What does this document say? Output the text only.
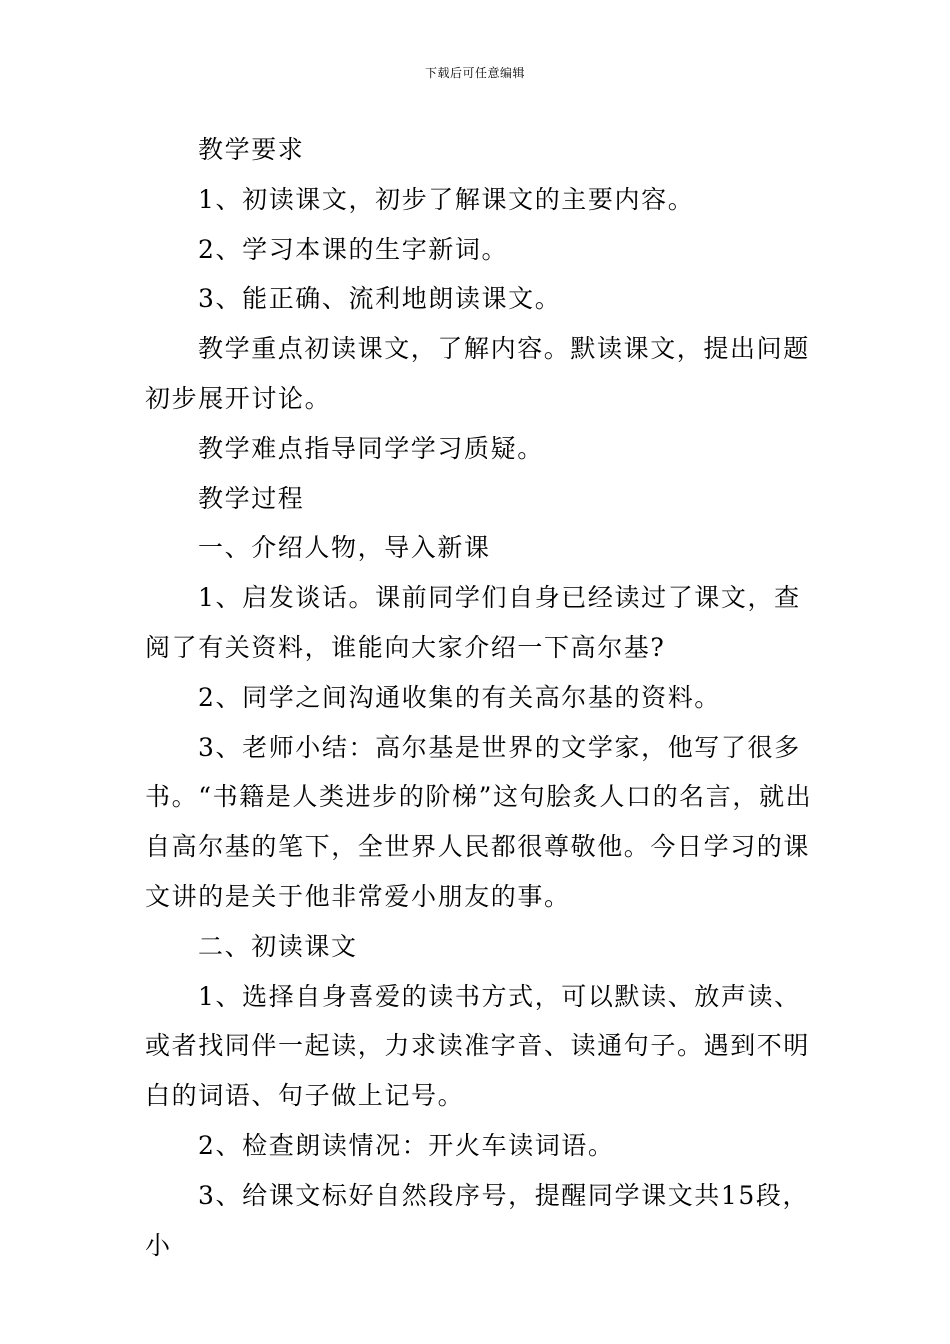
下载后可任意编辑

教学要求

1、初读课文，初步了解课文的主要内容。

2、学习本课的生字新词。

3、能正确、流利地朗读课文。

教学重点初读课文，了解内容。默读课文，提出问题初步展开讨论。

教学难点指导同学学习质疑。

教学过程

一、介绍人物，导入新课

1、启发谈话。课前同学们自身已经读过了课文，查阅了有关资料，谁能向大家介绍一下高尔基?

2、同学之间沟通收集的有关高尔基的资料。

3、老师小结：高尔基是世界的文学家，他写了很多书。“书籍是人类进步的阶梯”这句脍炙人口的名言，就出自高尔基的笔下，全世界人民都很尊敬他。今日学习的课文讲的是关于他非常爱小朋友的事。

二、初读课文

1、选择自身喜爱的读书方式，可以默读、放声读、或者找同伴一起读，力求读准字音、读通句子。遇到不明白的词语、句子做上记号。

2、检查朗读情况：开火车读词语。

3、给课文标好自然段序号，提醒同学课文共15段，小
